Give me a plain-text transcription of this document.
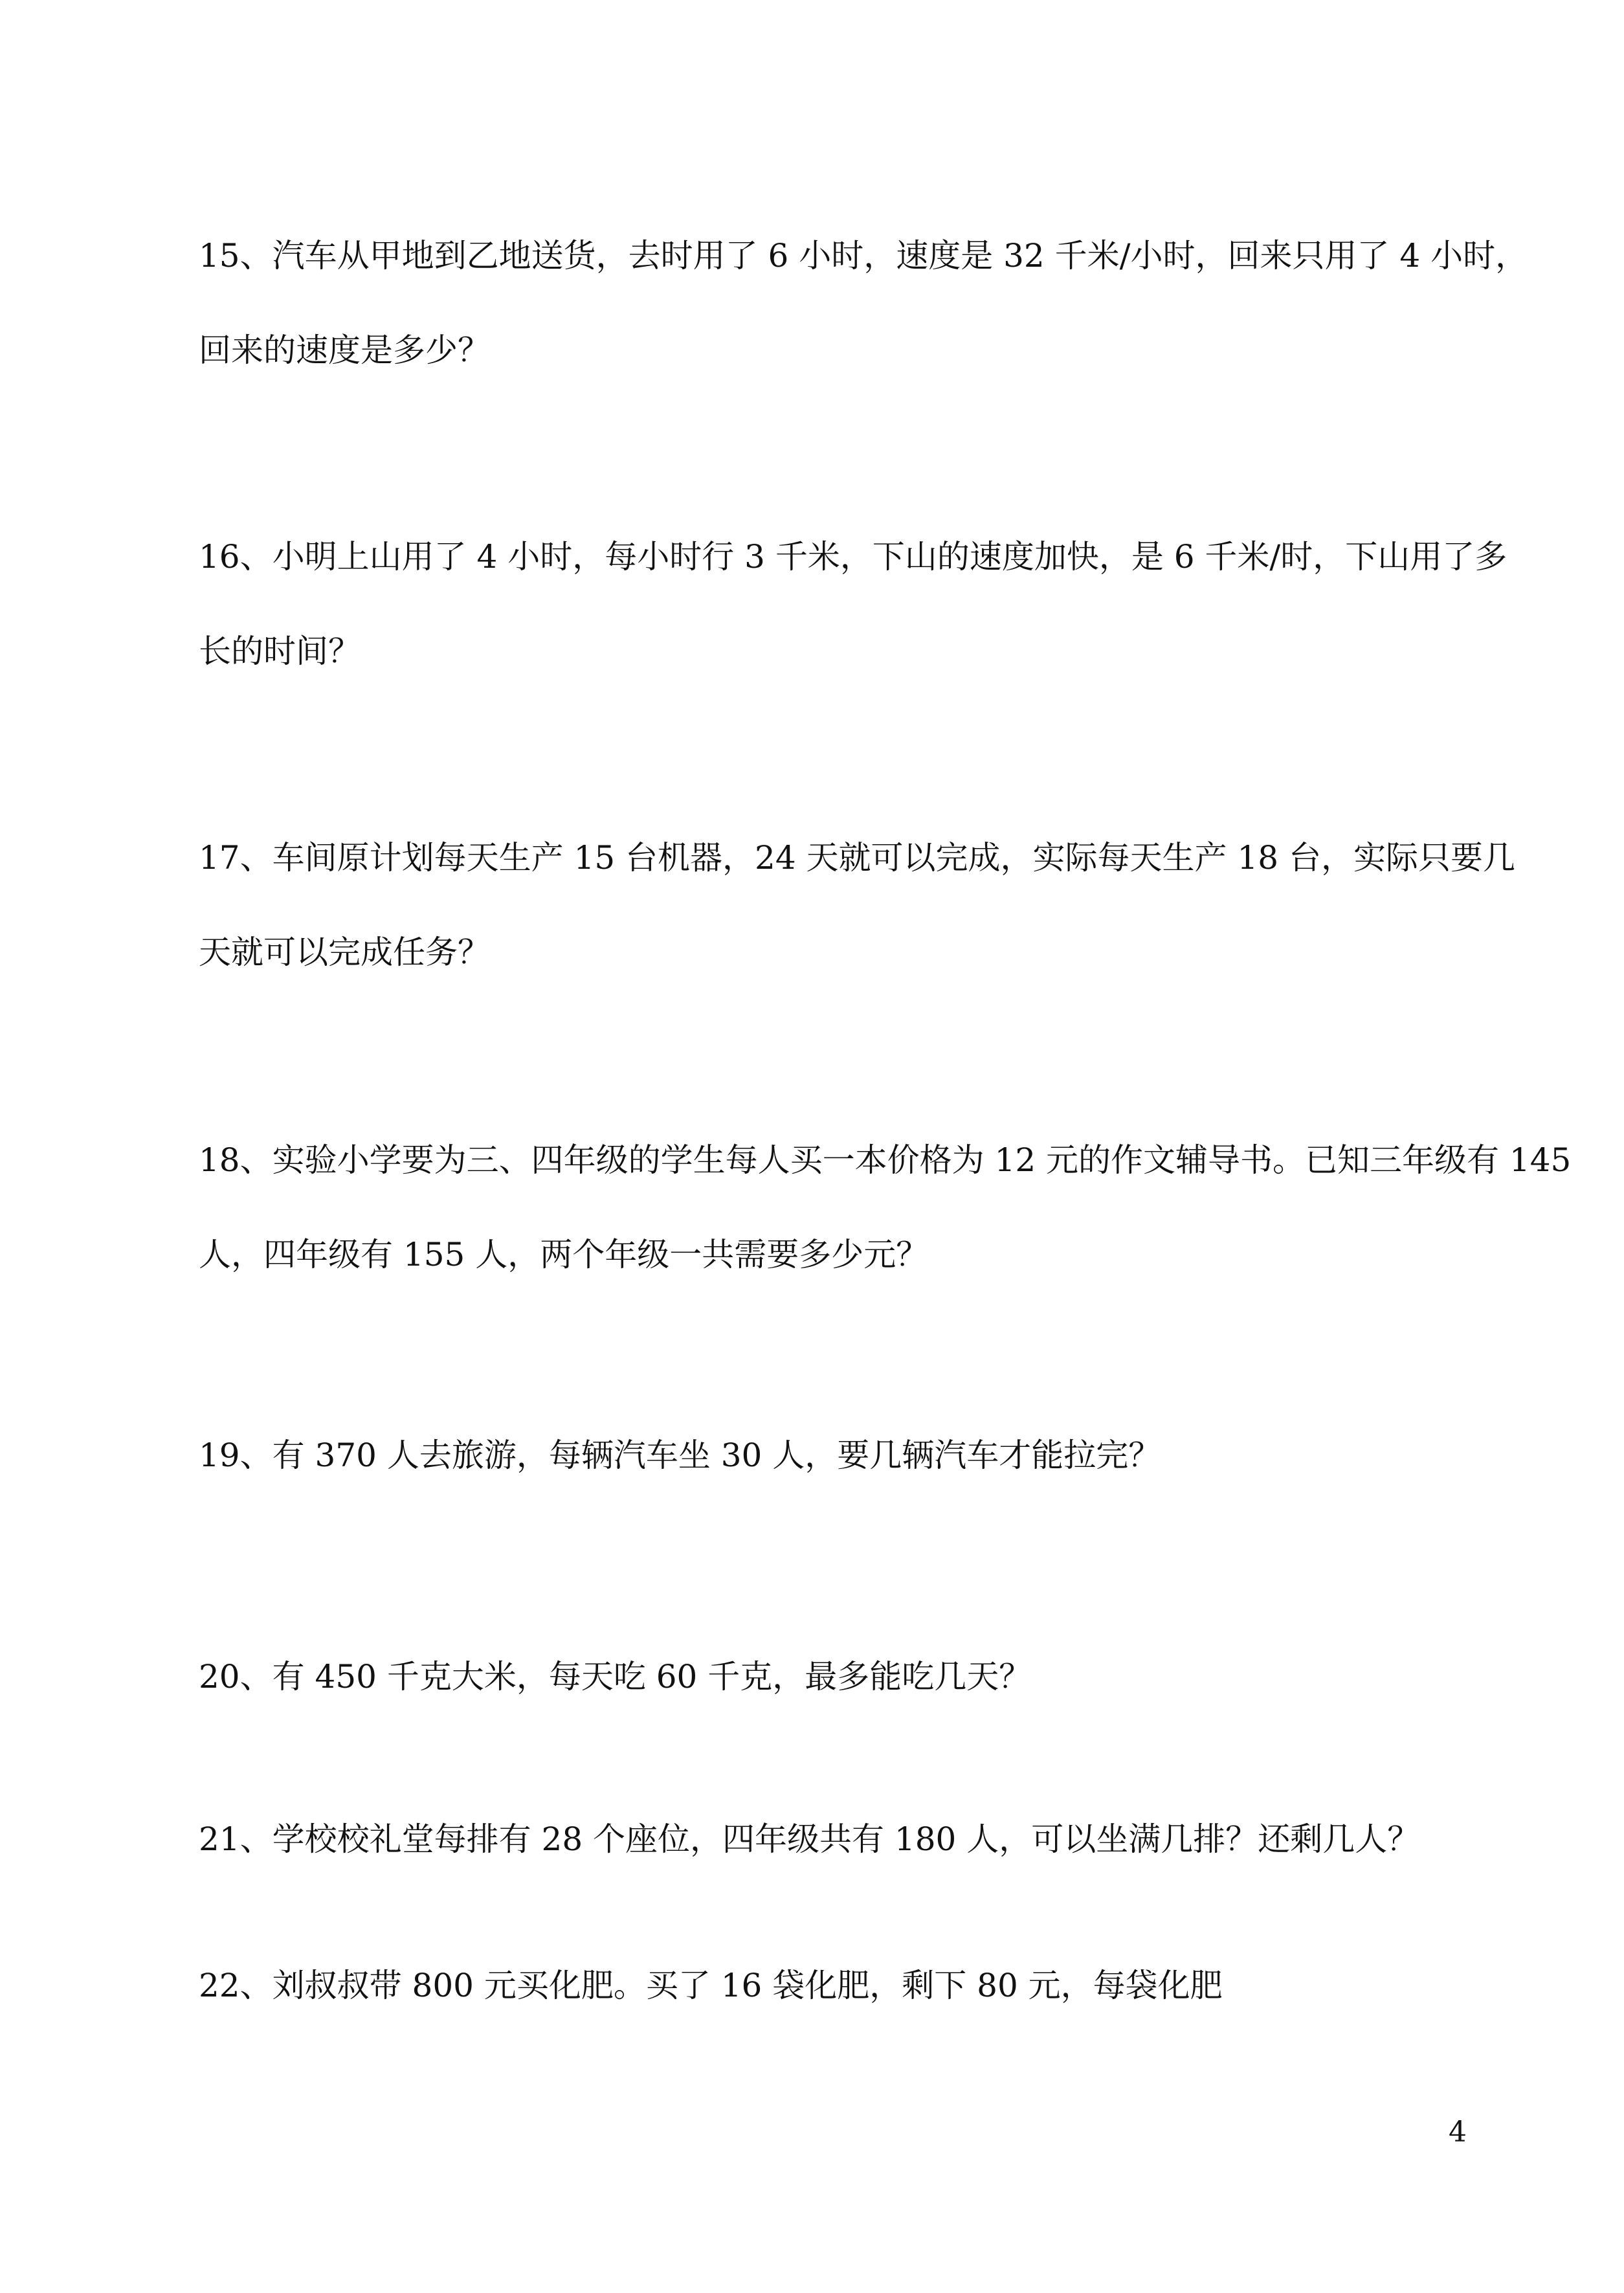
15、汽车从甲地到乙地送货，去时用了 6 小时，速度是 32 千米/小时，回来只用了 4 小时，
回来的速度是多少？
16、小明上山用了 4 小时，每小时行 3 千米，下山的速度加快，是 6 千米/时，下山用了多
长的时间？
17、车间原计划每天生产 15 台机器，24 天就可以完成，实际每天生产 18 台，实际只要几
天就可以完成任务？
18、实验小学要为三、四年级的学生每人买一本价格为 12 元的作文辅导书。已知三年级有 145
人，四年级有 155 人，两个年级一共需要多少元？
19、有 370 人去旅游，每辆汽车坐 30 人，要几辆汽车才能拉完？
20、有 450 千克大米，每天吃 60 千克，最多能吃几天？
21、学校校礼堂每排有 28 个座位，四年级共有 180 人，可以坐满几排？还剩几人？
22、刘叔叔带 800 元买化肥。买了 16 袋化肥，剩下 80 元，每袋化肥
4
